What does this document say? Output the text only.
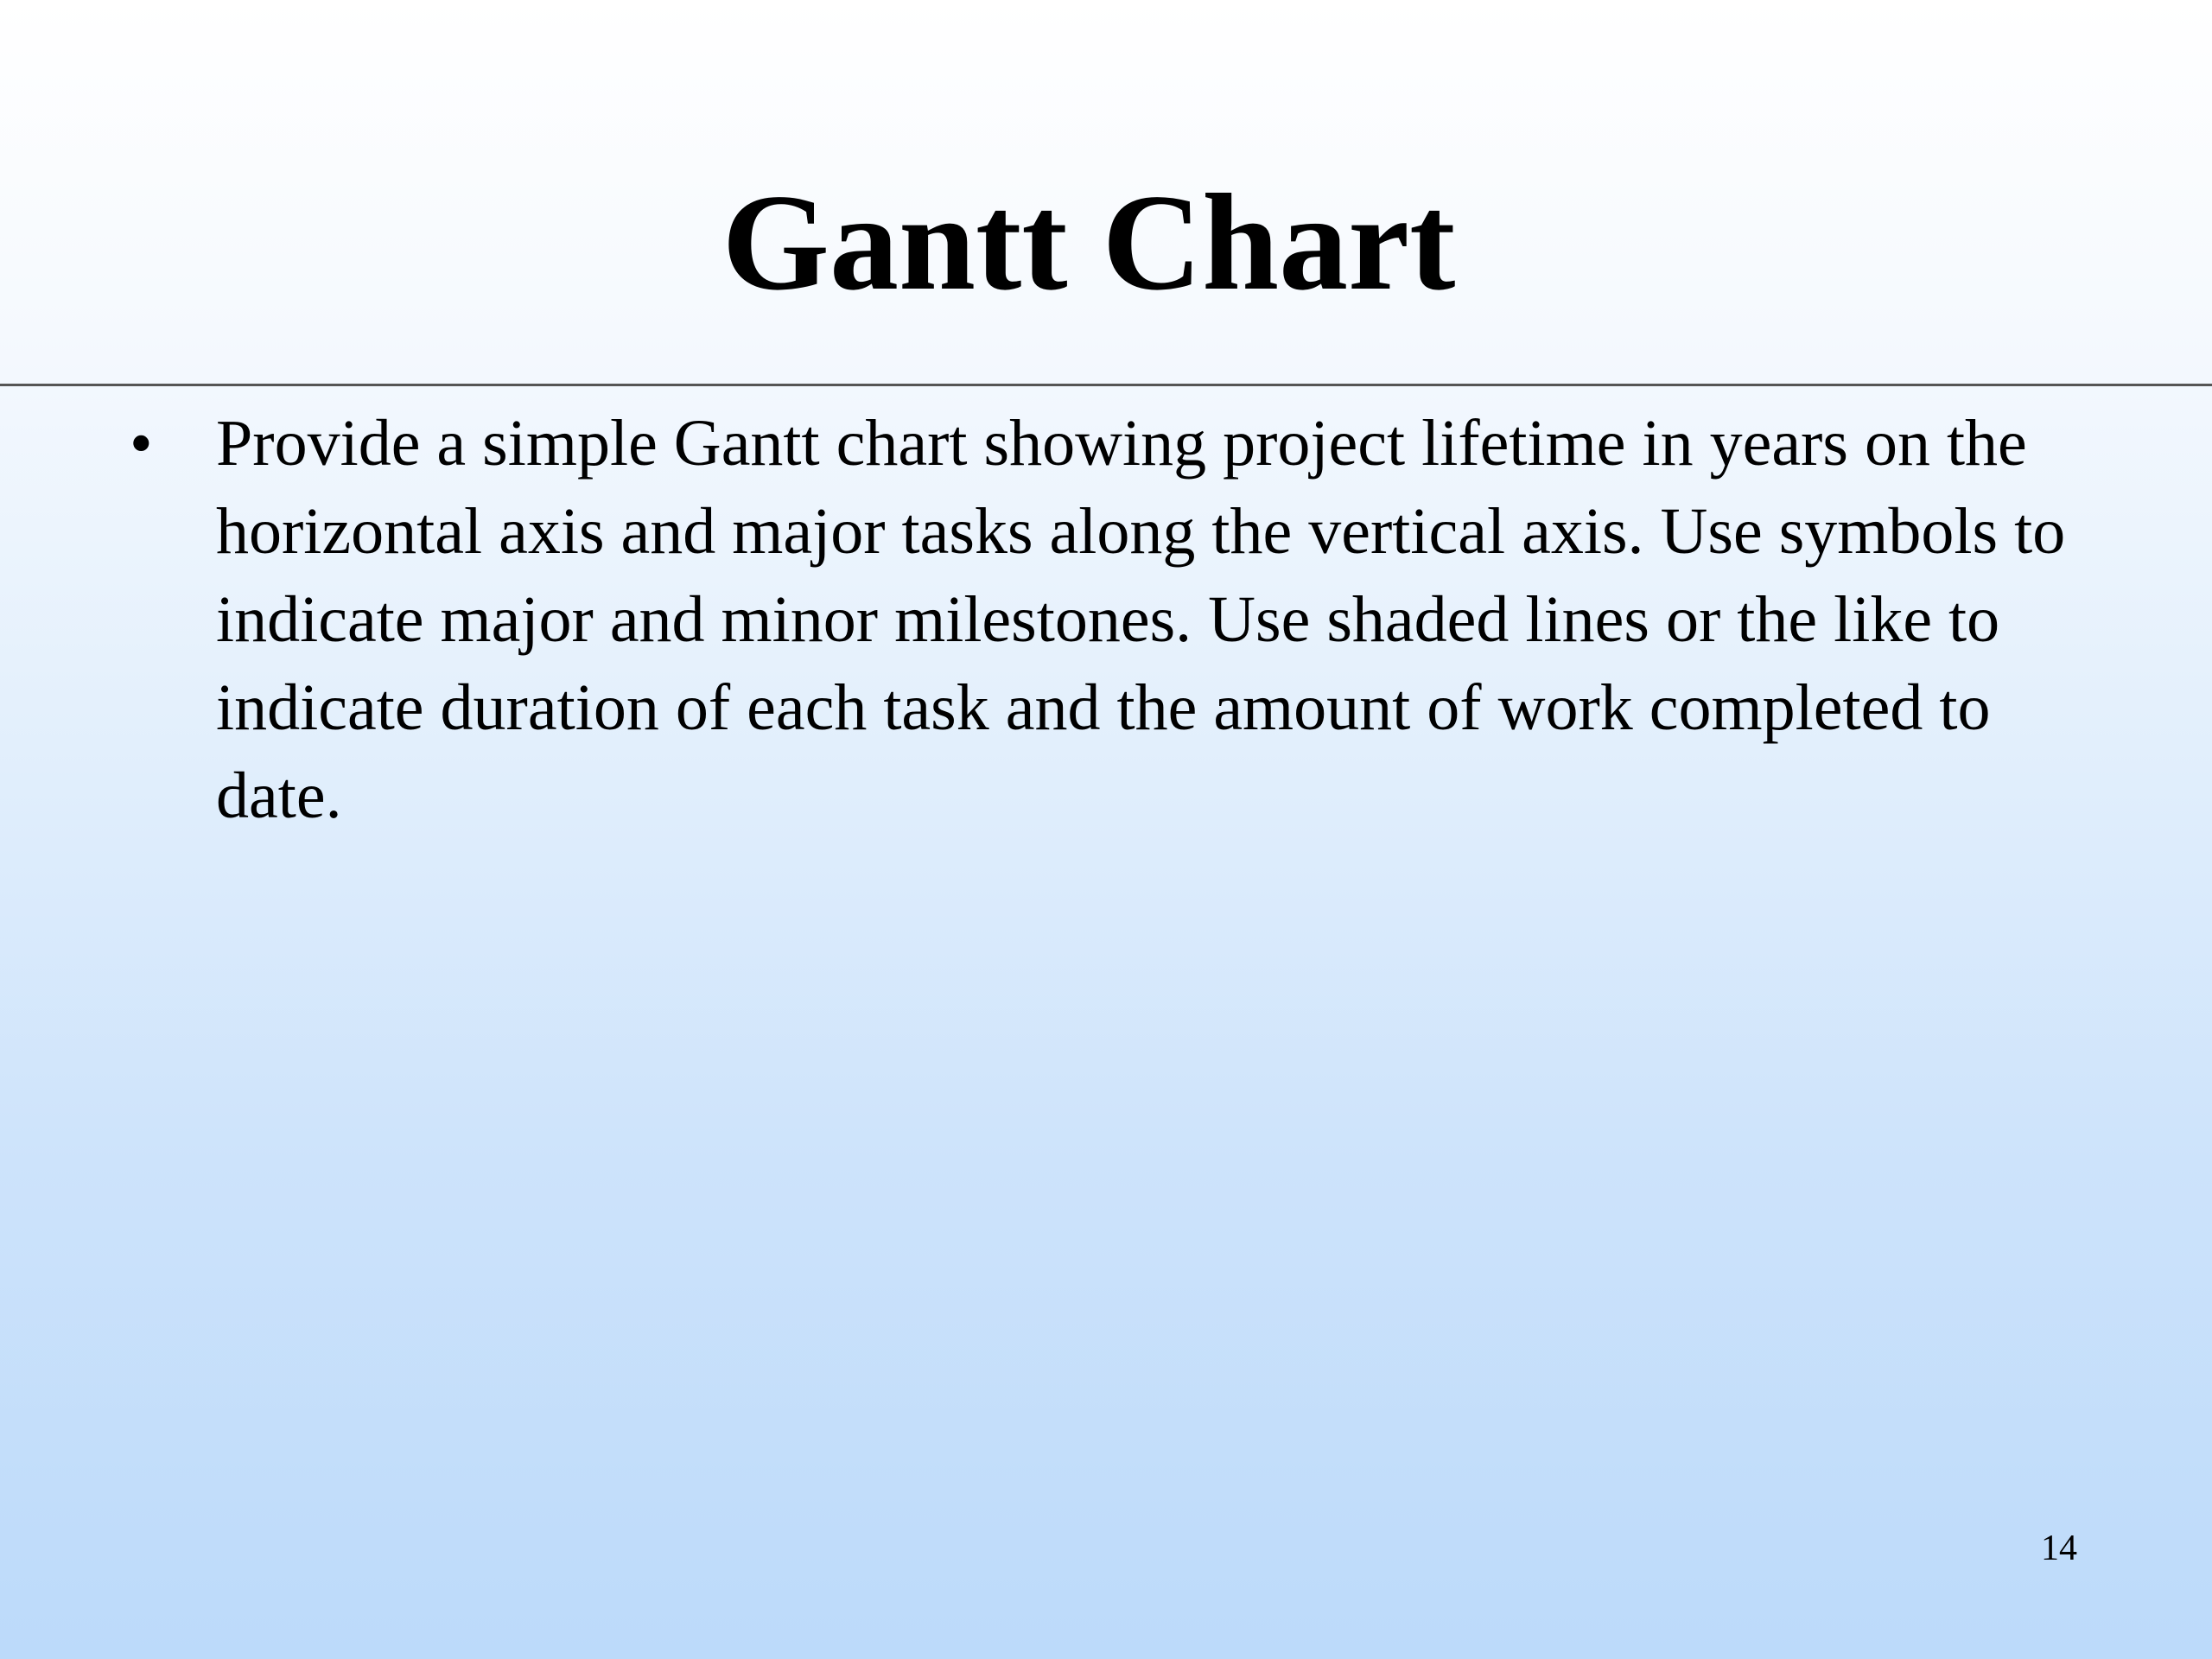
Gantt Chart
• Provide a simple Gantt chart showing project lifetime in years on the horizontal axis and major tasks along the vertical axis. Use symbols to indicate major and minor milestones. Use shaded lines or the like to indicate duration of each task and the amount of work completed to date.
14
